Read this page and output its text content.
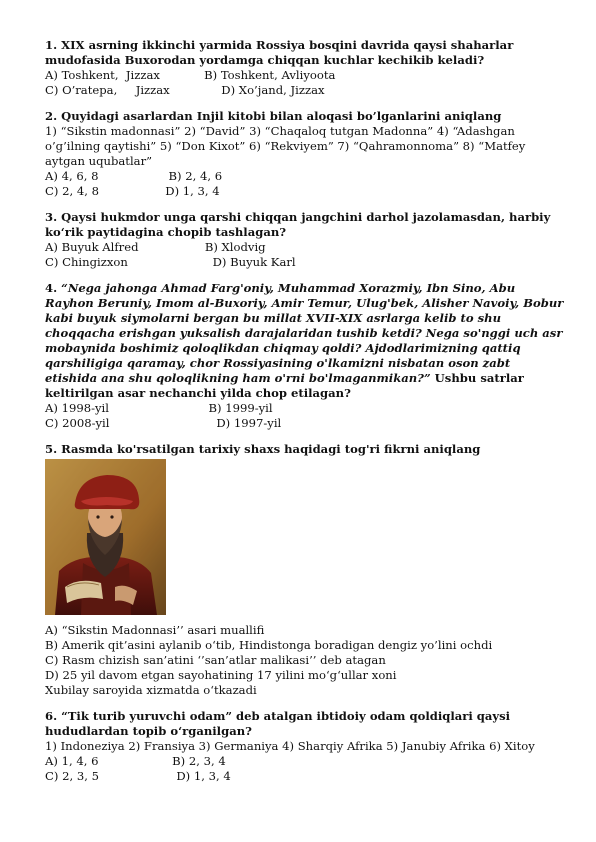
1. XIX asrning ikkinchi yarmida Rossiya bosqini davrida qaysi shaharlar mudofasida Buxorodan yordamga chiqqan kuchlar kechikib keladi?

A) Toshkent,  Jizzax            B) Toshkent, Avliyoota

C) O’ratepa,     Jizzax              D) Xo’jand, Jizzax

2. Quyidagi asarlardan Injil kitobi bilan aloqasi bo’lganlarini aniqlang

1) “Sikstin madonnasi” 2) “David” 3) “Chaqaloq tutgan Madonna” 4) “Adashgan o’g’ilning qaytishi” 5) “Don Kixot” 6) “Rekviyem” 7) “Qahramonnoma” 8) “Matfey aytgan uqubatlar”

A) 4, 6, 8                   B) 2, 4, 6

C) 2, 4, 8                  D) 1, 3, 4

3. Qaysi hukmdor unga qarshi chiqqan jangchini darhol jazolamasdan, harbiy ko‘rik paytidagina chopib tashlagan?

A) Buyuk Alfred                  B) Xlodvig

C) Chingizxon                       D) Buyuk Karl

4. “Nega jahonga Ahmad Farg'oniy, Muhammad Xorazmiy, Ibn Sino, Abu Rayhon Beruniy, Imom al-Buxoriy, Amir Temur, Ulug'bek, Alisher Navoiy, Bobur kabi buyuk siymolarni bergan bu millat XVII-XIX asrlarga kelib to shu choqqacha erishgan yuksalish darajalaridan tushib ketdi? Nega so'nggi uch asr mobaynida boshimiz qoloqlikdan chiqmay qoldi? Ajdodlarimizning qattiq qarshiligiga qaramay, chor Rossiyasining o'lkamizni nisbatan oson zabt etishida ana shu qoloqlikning ham o'rni bo'lmaganmikan?” Ushbu satrlar keltirilgan asar nechanchi yilda chop etilagan?

A) 1998-yil                           B) 1999-yil

C) 2008-yil                             D) 1997-yil

5. Rasmda ko'rsatilgan tarixiy shaxs haqidagi tog'ri fikrni aniqlang

A) “Sikstin Madonnasi’’ asari muallifi

B) Amerik qit’asini aylanib o‘tib, Hindistonga boradigan dengiz yo’lini ochdi

C) Rasm chizish san’atini ‘’san’atlar malikasi’’ deb atagan

D) 25 yil davom etgan sayohatining 17 yilini mo‘g‘ullar xoni

Xubilay saroyida xizmatda o‘tkazadi

6. “Tik turib yuruvchi odam” deb atalgan ibtidoiy odam qoldiqlari qaysi hududlardan topib o‘rganilgan?

1) Indoneziya 2) Fransiya 3) Germaniya 4) Sharqiy Afrika 5) Janubiy Afrika 6) Xitoy

A) 1, 4, 6                    B) 2, 3, 4

C) 2, 3, 5                     D) 1, 3, 4
